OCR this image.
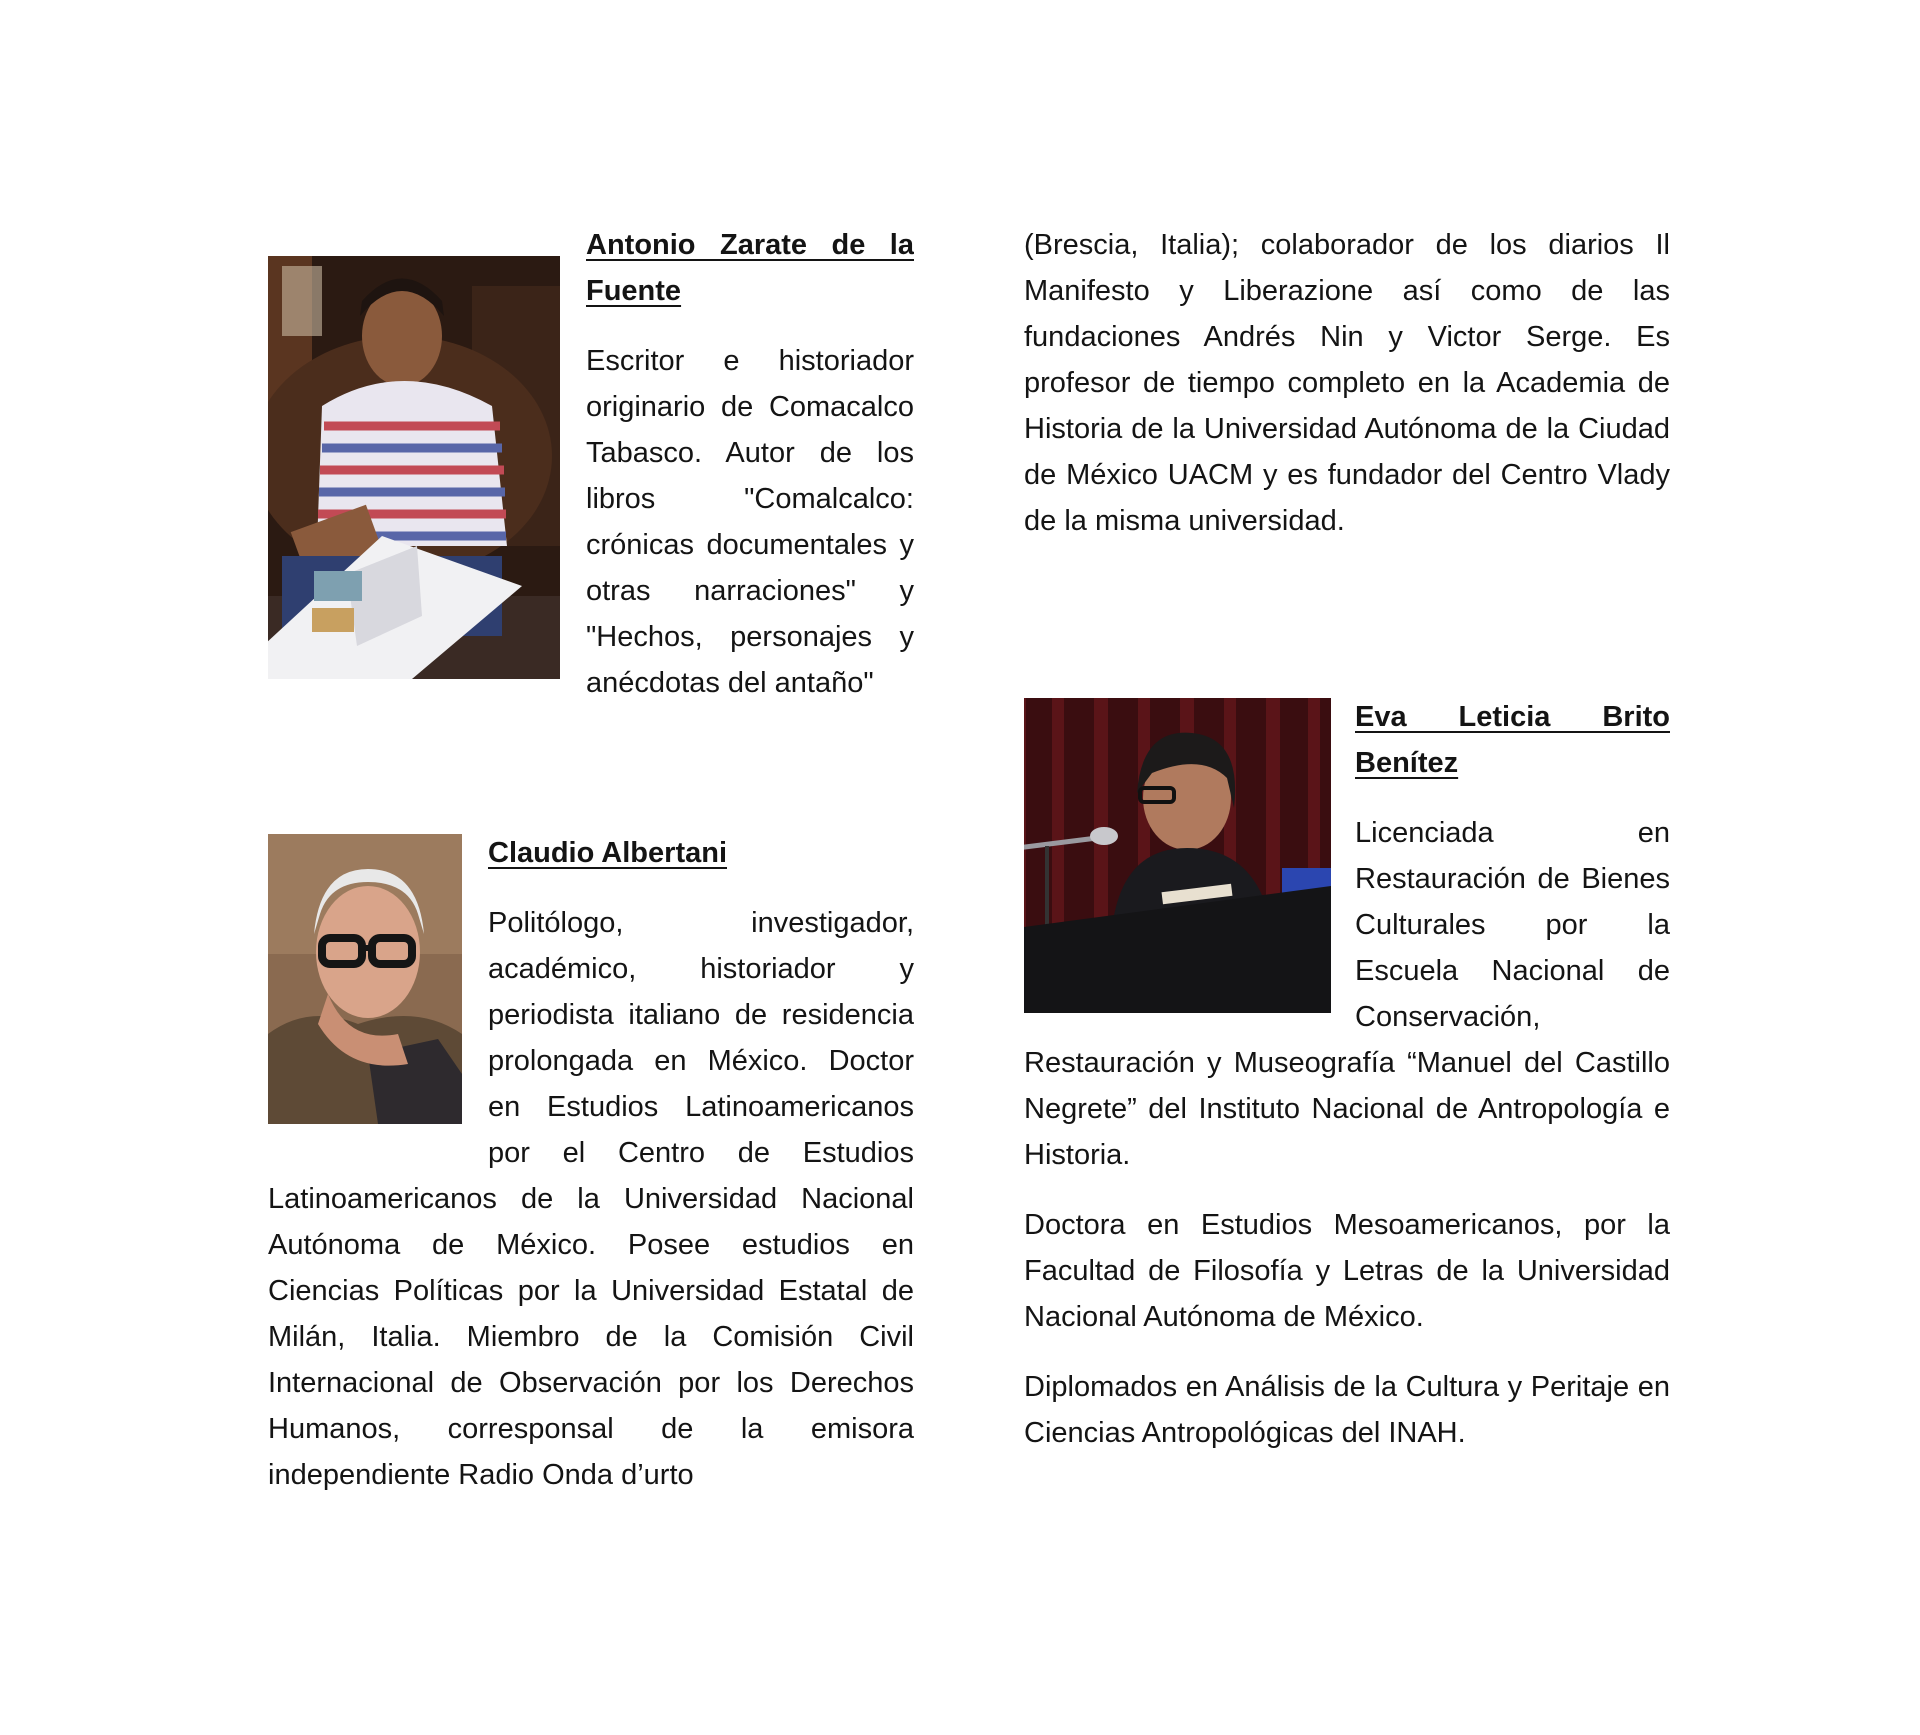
Antonio Zarate de la Fuente

Escritor e historiador originario de Comacalco Tabasco. Autor de los libros "Comalcalco: crónicas documentales y otras narraciones" y "Hechos, personajes y anécdotas del antaño"

Claudio Albertani

Politólogo, investigador, académico, historiador y periodista italiano de residencia prolongada en México. Doctor en Estudios Latinoamericanos por el Centro de Estudios Latinoamericanos de la Universidad Nacional Autónoma de México. Posee estudios en Ciencias Políticas por la Universidad Estatal de Milán, Italia. Miembro de la Comisión Civil Internacional de Observación por los Derechos Humanos, corresponsal de la emisora independiente Radio Onda d’urto

(Brescia, Italia); colaborador de los diarios Il Manifesto y Liberazione así como de las fundaciones Andrés Nin y Victor Serge. Es profesor de tiempo completo en la Academia de Historia de la Universidad Autónoma de la Ciudad de México UACM y es fundador del Centro Vlady de la misma universidad.

Eva Leticia Brito Benítez

Licenciada en Restauración de Bienes Culturales por la Escuela Nacional de Conservación, Restauración y Museografía “Manuel del Castillo Negrete” del Instituto Nacional de Antropología e Historia.

Doctora en Estudios Mesoamericanos, por la Facultad de Filosofía y Letras de la Universidad Nacional Autónoma de México.

Diplomados en Análisis de la Cultura y Peritaje en Ciencias Antropológicas del INAH.
